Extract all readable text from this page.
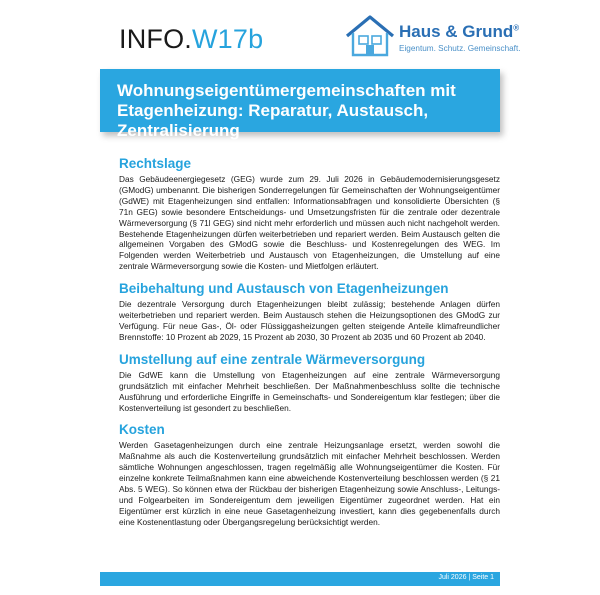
INFO.W17b	Haus & Grund®
Eigentum. Schutz. Gemeinschaft.
Wohnungseigentümergemeinschaften mit Etagenheizung: Reparatur, Austausch, Zentralisierung
Rechtslage

Das Gebäudeenergiegesetz (GEG) wurde zum 29. Juli 2026 in Gebäudemodernisierungsgesetz (GModG) umbenannt. Die bisherigen Sonderregelungen für Gemeinschaften der Wohnungseigentümer (GdWE) mit Etagenheizungen sind entfallen: Informationsabfragen und konsolidierte Übersichten (§ 71n GEG) sowie besondere Entscheidungs- und Umsetzungsfristen für die zentrale oder dezentrale Wärmeversorgung (§ 71l GEG) sind nicht mehr erforderlich und müssen auch nicht nachgeholt werden. Bestehende Etagenheizungen dürfen weiterbetrieben und repariert werden. Beim Austausch gelten die allgemeinen Vorgaben des GModG sowie die Beschluss- und Kostenregelungen des WEG. Im Folgenden werden Weiterbetrieb und Austausch von Etagenheizungen, die Umstellung auf eine zentrale Wärmeversorgung sowie die Kosten- und Mietfolgen erläutert.

Beibehaltung und Austausch von Etagenheizungen

Die dezentrale Versorgung durch Etagenheizungen bleibt zulässig; bestehende Anlagen dürfen weiterbetrieben und repariert werden. Beim Austausch stehen die Heizungsoptionen des GModG zur Verfügung. Für neue Gas-, Öl- oder Flüssiggasheizungen gelten steigende Anteile klimafreundlicher Brennstoffe: 10 Prozent ab 2029, 15 Prozent ab 2030, 30 Prozent ab 2035 und 60 Prozent ab 2040.

Umstellung auf eine zentrale Wärmeversorgung

Die GdWE kann die Umstellung von Etagenheizungen auf eine zentrale Wärmeversorgung grundsätzlich mit einfacher Mehrheit beschließen. Der Maßnahmenbeschluss sollte die technische Ausführung und erforderliche Eingriffe in Gemeinschafts- und Sondereigentum klar festlegen; über die Kostenverteilung ist gesondert zu beschließen.

Kosten

Werden Gasetagenheizungen durch eine zentrale Heizungsanlage ersetzt, werden sowohl die Maßnahme als auch die Kostenverteilung grundsätzlich mit einfacher Mehrheit beschlossen. Werden sämtliche Wohnungen angeschlossen, tragen regelmäßig alle Wohnungseigentümer die Kosten. Für einzelne konkrete Teilmaßnahmen kann eine abweichende Kostenverteilung beschlossen werden (§ 21 Abs. 5 WEG). So können etwa der Rückbau der bisherigen Etagenheizung sowie Anschluss-, Leitungs- und Folgearbeiten im Sondereigentum dem jeweiligen Eigentümer zugeordnet werden. Hat ein Eigentümer erst kürzlich in eine neue Gasetagenheizung investiert, kann dies gegebenenfalls durch eine Kostenentlastung oder Übergangsregelung berücksichtigt werden.

Juli 2026 | Seite 1
